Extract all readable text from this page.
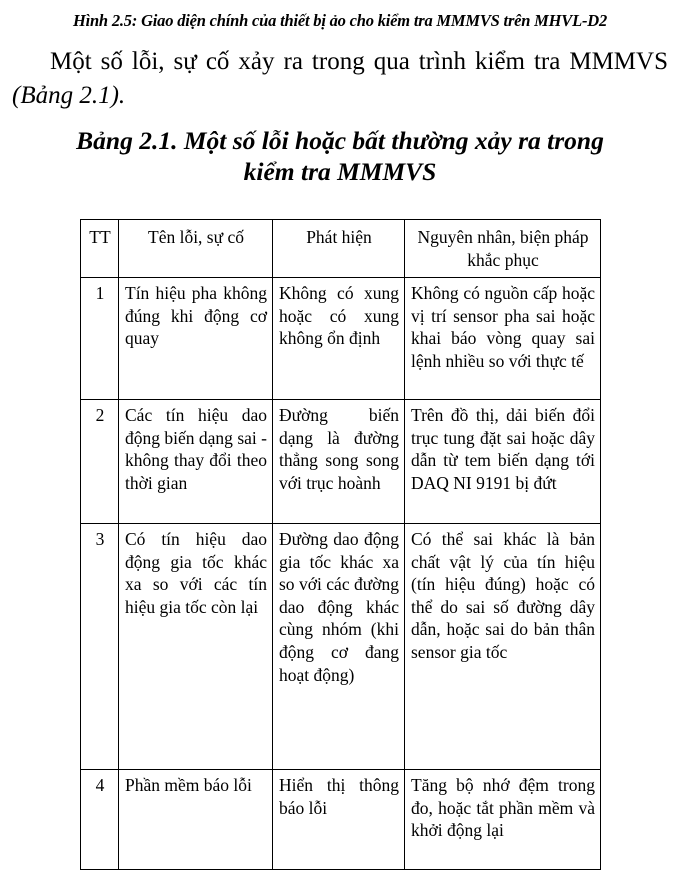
Hình 2.5: Giao diện chính của thiết bị ảo cho kiểm tra MMMVS trên MHVL-D2

Một số lỗi, sự cố xảy ra trong qua trình kiểm tra MMMVS (Bảng 2.1).

Bảng 2.1. Một số lỗi hoặc bất thường xảy ra trong
kiểm tra MMMVS
TT	Tên lỗi, sự cố	Phát hiện	Nguyên nhân, biện pháp khắc phục
1	Tín hiệu pha không đúng khi động cơ quay	Không có xung hoặc có xung không ổn định	Không có nguồn cấp hoặc vị trí sensor pha sai hoặc khai báo vòng quay sai lệnh nhiều so với thực tế
2	Các tín hiệu dao động biến dạng sai - không thay đổi theo thời gian	Đường biến dạng là đường thẳng song song với trục hoành	Trên đồ thị, dải biến đổi trục tung đặt sai hoặc dây dẫn từ tem biến dạng tới DAQ NI 9191 bị đứt
3	Có tín hiệu dao động gia tốc khác xa so với các tín hiệu gia tốc còn lại	Đường dao động gia tốc khác xa so với các đường dao động khác cùng nhóm (khi động cơ đang hoạt động)	Có thể sai khác là bản chất vật lý của tín hiệu (tín hiệu đúng) hoặc có thể do sai số đường dây dẫn, hoặc sai do bản thân sensor gia tốc
4	Phần mềm báo lỗi	Hiển thị thông báo lỗi	Tăng bộ nhớ đệm trong đo, hoặc tắt phần mềm và khởi động lại
